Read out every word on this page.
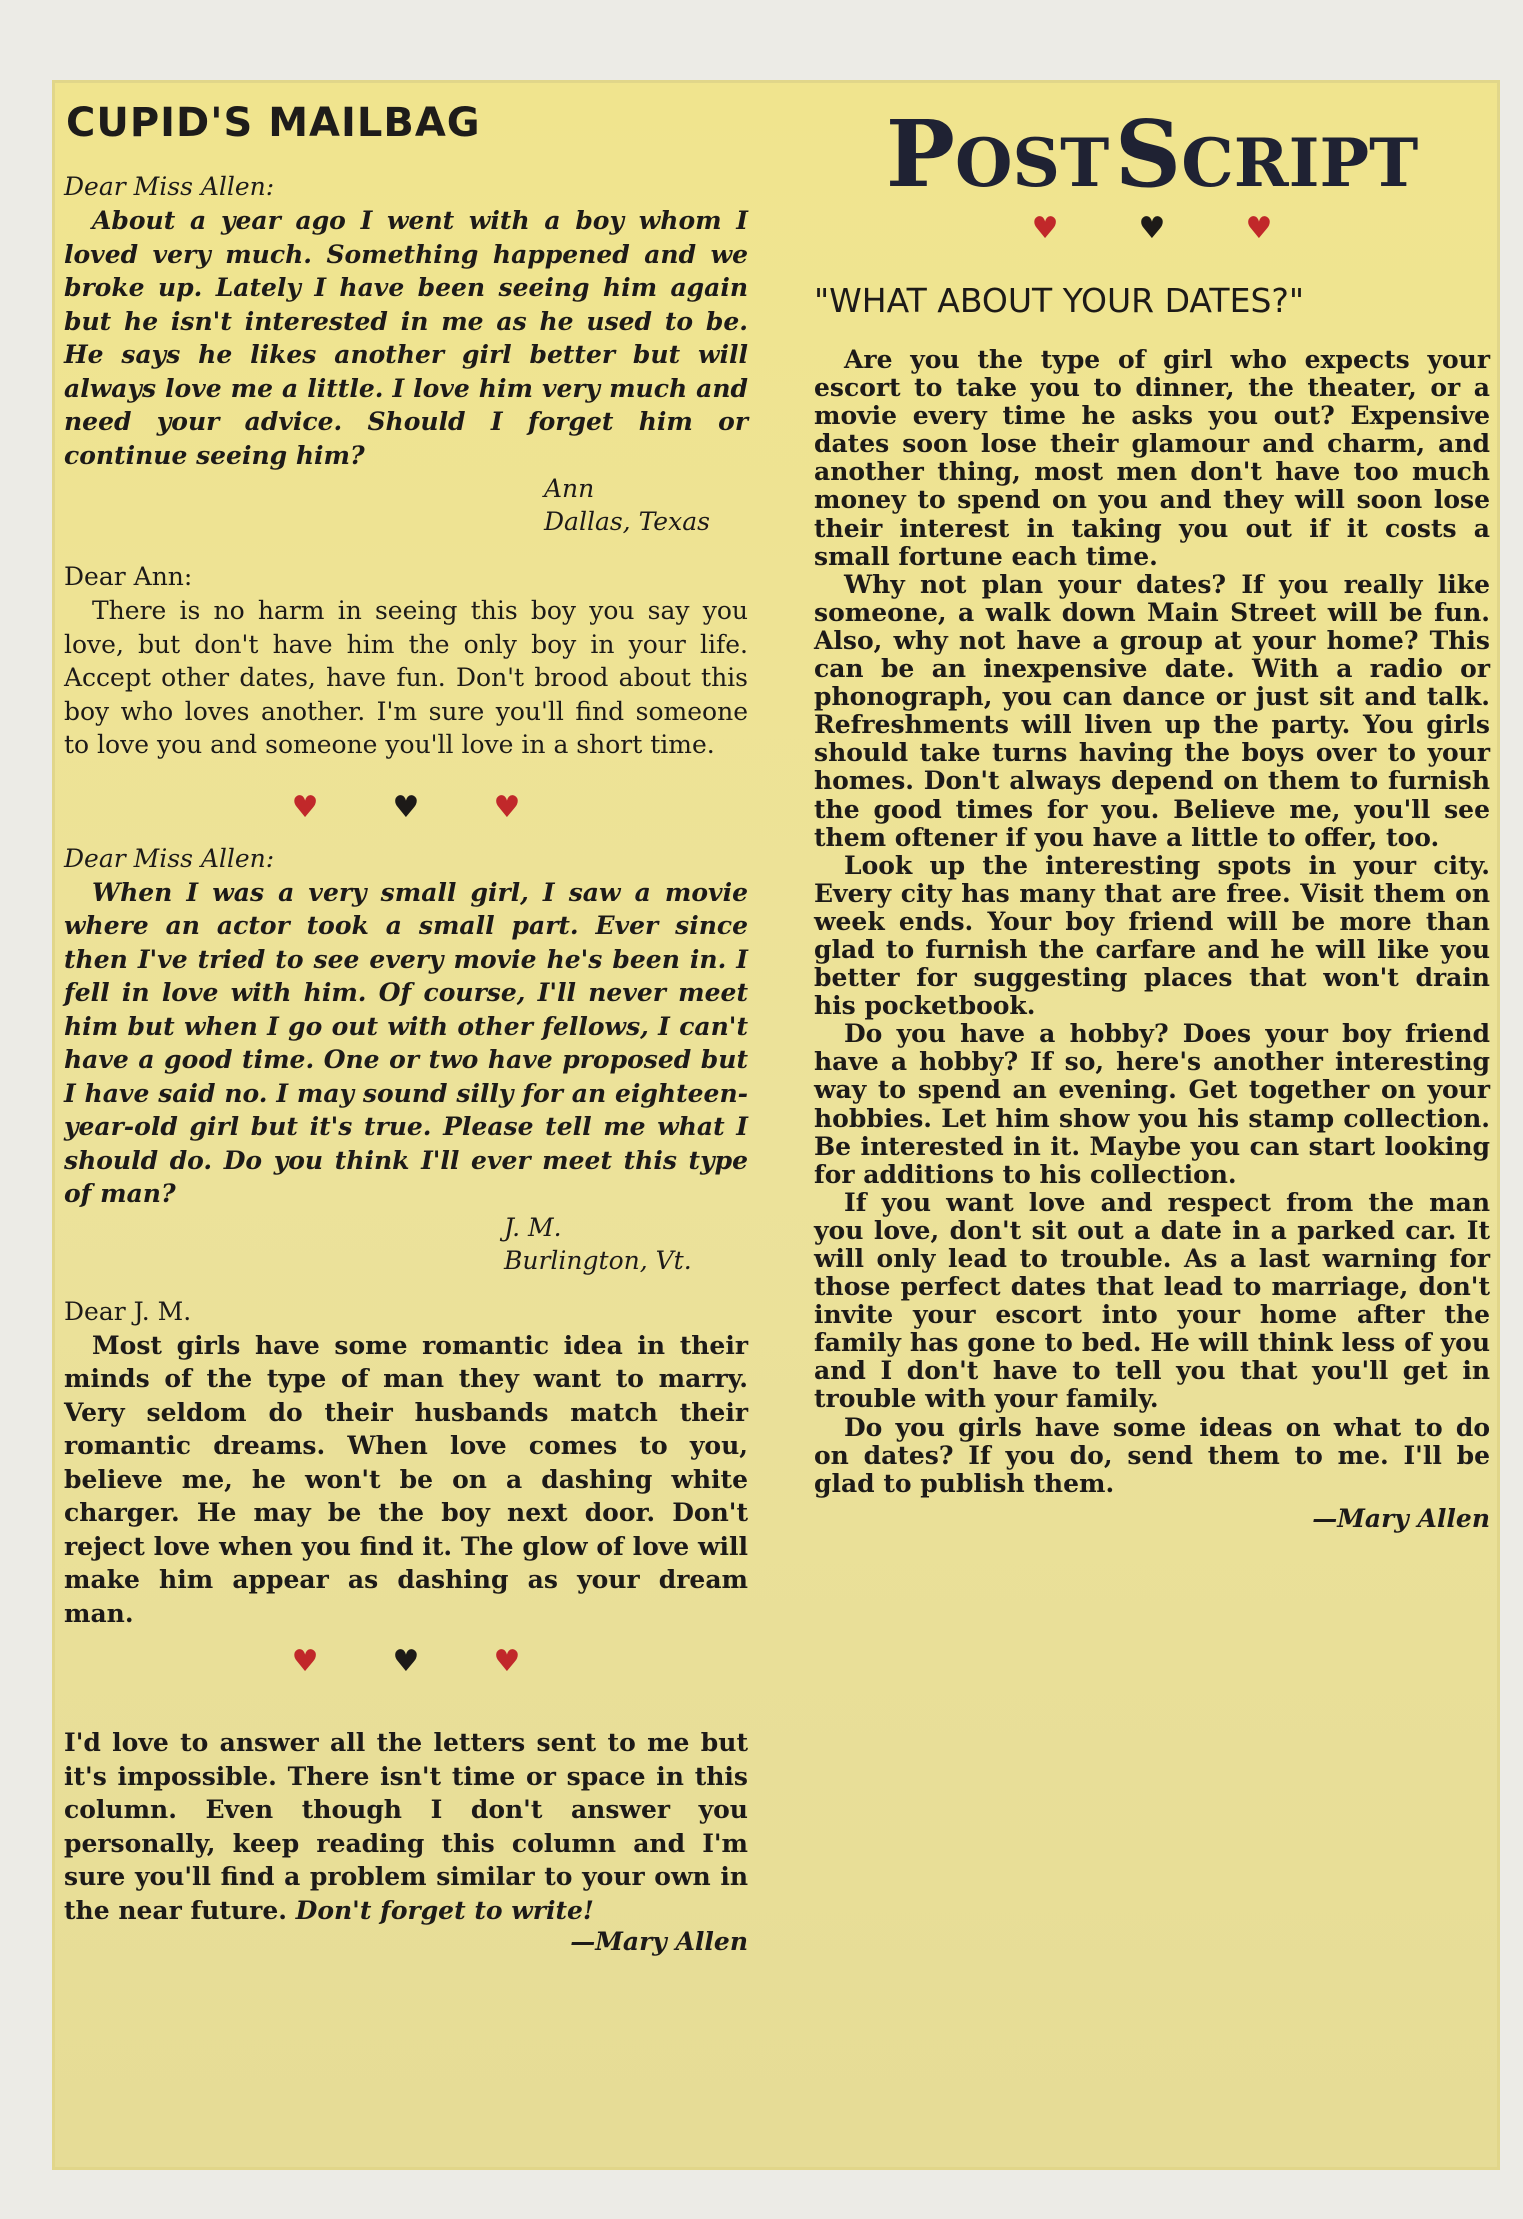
CUPID'S MAILBAG

Dear Miss Allen:

About a year ago I went with a boy whom I loved very much. Something happened and we broke up. Lately I have been seeing him again but he isn't interested in me as he used to be. He says he likes another girl better but will always love me a little. I love him very much and need your advice. Should I forget him or continue seeing him?

Ann

Dallas, Texas

Dear Ann:

There is no harm in seeing this boy you say you love, but don't have him the only boy in your life. Accept other dates, have fun. Don't brood about this boy who loves another. I'm sure you'll find someone to love you and someone you'll love in a short time.

♥ ♥ ♥

Dear Miss Allen:

When I was a very small girl, I saw a movie where an actor took a small part. Ever since then I've tried to see every movie he's been in. I fell in love with him. Of course, I'll never meet him but when I go out with other fellows, I can't have a good time. One or two have proposed but I have said no. I may sound silly for an eighteen-year-old girl but it's true. Please tell me what I should do. Do you think I'll ever meet this type of man?

J. M.

Burlington, Vt.

Dear J. M.

Most girls have some romantic idea in their minds of the type of man they want to marry. Very seldom do their husbands match their romantic dreams. When love comes to you, believe me, he won't be on a dashing white charger. He may be the boy next door. Don't reject love when you find it. The glow of love will make him appear as dashing as your dream man.

♥ ♥ ♥

I'd love to answer all the letters sent to me but it's impossible. There isn't time or space in this column. Even though I don't answer you personally, keep reading this column and I'm sure you'll find a problem similar to your own in the near future. Don't forget to write!

—Mary Allen

POST SCRIPT
♥	♥	♥

"WHAT ABOUT YOUR DATES?"

Are you the type of girl who expects your escort to take you to dinner, the theater, or a movie every time he asks you out? Expensive dates soon lose their glamour and charm, and another thing, most men don't have too much money to spend on you and they will soon lose their interest in taking you out if it costs a small fortune each time.

Why not plan your dates? If you really like someone, a walk down Main Street will be fun. Also, why not have a group at your home? This can be an inexpensive date. With a radio or phonograph, you can dance or just sit and talk. Refreshments will liven up the party. You girls should take turns having the boys over to your homes. Don't always depend on them to furnish the good times for you. Believe me, you'll see them oftener if you have a little to offer, too.

Look up the interesting spots in your city. Every city has many that are free. Visit them on week ends. Your boy friend will be more than glad to furnish the carfare and he will like you better for suggesting places that won't drain his pocketbook.

Do you have a hobby? Does your boy friend have a hobby? If so, here's another interesting way to spend an evening. Get together on your hobbies. Let him show you his stamp collection. Be interested in it. Maybe you can start looking for additions to his collection.

If you want love and respect from the man you love, don't sit out a date in a parked car. It will only lead to trouble. As a last warning for those perfect dates that lead to marriage, don't invite your escort into your home after the family has gone to bed. He will think less of you and I don't have to tell you that you'll get in trouble with your family.

Do you girls have some ideas on what to do on dates? If you do, send them to me. I'll be glad to publish them.

—Mary Allen
